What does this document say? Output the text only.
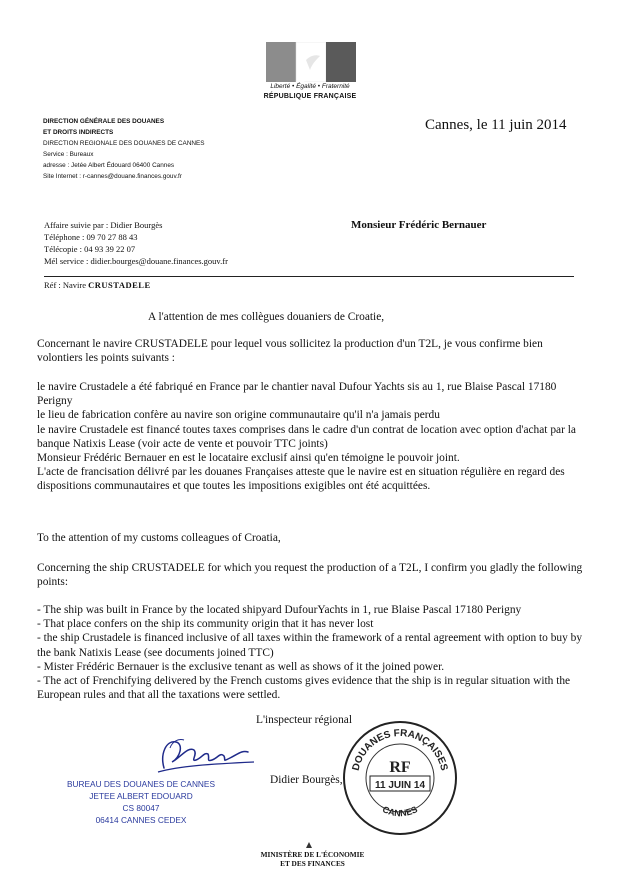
Liberté • Égalité • Fraternité
RÉPUBLIQUE FRANÇAISE
DIRECTION GÉNÉRALE DES DOUANES
ET DROITS INDIRECTS
DIRECTION REGIONALE DES DOUANES DE CANNES
Service : Bureaux
adresse : Jetée Albert Édouard 06400 Cannes
Site Internet : r-cannes@douane.finances.gouv.fr
Cannes, le 11 juin 2014
Affaire suivie par : Didier Bourgès
Téléphone : 09 70 27 88 43
Télécopie : 04 93 39 22 07
Mél service : didier.bourges@douane.finances.gouv.fr
Monsieur Frédéric Bernauer
Réf : Navire CRUSTADELE
A l'attention de mes collègues douaniers de Croatie,
Concernant le navire CRUSTADELE pour lequel vous sollicitez la production d'un T2L, je vous confirme bien volontiers les points suivants :
le navire Crustadele a été fabriqué en France par le chantier naval Dufour Yachts sis au 1, rue Blaise Pascal 17180 Perigny
le lieu de fabrication confère au navire son origine communautaire qu'il n'a jamais perdu
le navire Crustadele est financé toutes taxes comprises dans le cadre d'un contrat de location avec option d'achat par la banque Natixis Lease (voir acte de vente et pouvoir TTC joints)
Monsieur Frédéric Bernauer en est le locataire exclusif ainsi qu'en témoigne le pouvoir joint.
L'acte de francisation délivré par les douanes Françaises atteste que le navire est en situation régulière en regard des dispositions communautaires et que toutes les impositions exigibles ont été acquittées.
To the attention of my customs colleagues of Croatia,
Concerning the ship CRUSTADELE for which you request the production of a T2L, I confirm you gladly the following points:
- The ship was built in France by the located shipyard DufourYachts in 1, rue Blaise Pascal 17180 Perigny
- That place confers on the ship its community origin that it has never lost
- the ship Crustadele is financed inclusive of all taxes within the framework of a rental agreement with option to buy by the bank Natixis Lease (see documents joined TTC)
- Mister Frédéric Bernauer is the exclusive tenant as well as shows of it the joined power.
- The act of Frenchifying delivered by the French customs gives evidence that the ship is in regular situation with the European rules and that all the taxations were settled.
L'inspecteur régional
Didier Bourgès,
BUREAU DES DOUANES DE CANNES
JETEE ALBERT EDOUARD
CS 80047
06414 CANNES CEDEX
DOUANES FRANÇAISES
CANNES
RF
11 JUIN 14
MINISTÈRE DE L'ÉCONOMIE
ET DES FINANCES
